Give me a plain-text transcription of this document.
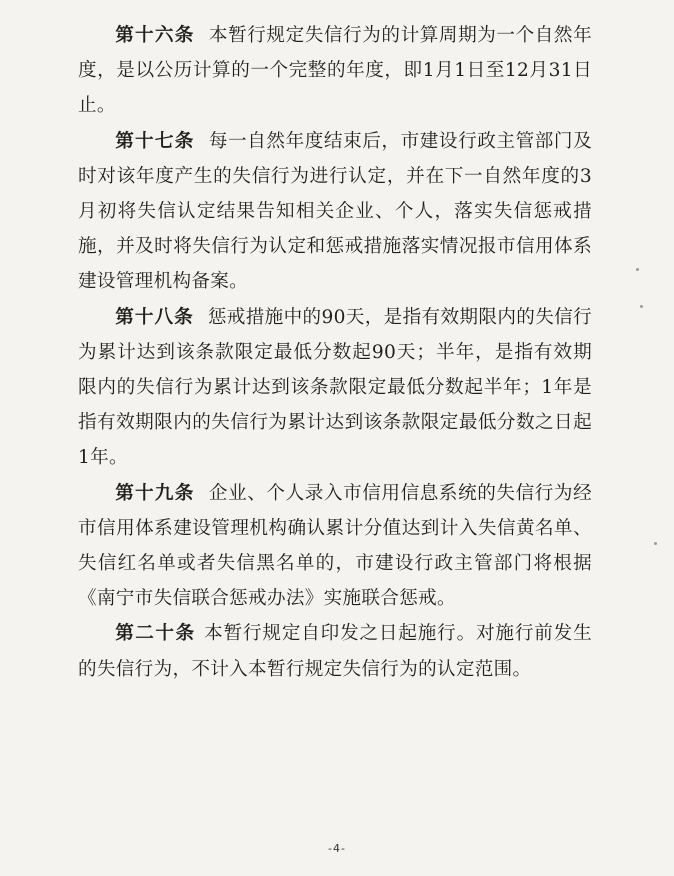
第十六条 本暂行规定失信行为的计算周期为一个自然年度，是以公历计算的一个完整的年度，即1月1日至12月31日止。

第十七条 每一自然年度结束后，市建设行政主管部门及时对该年度产生的失信行为进行认定，并在下一自然年度的3月初将失信认定结果告知相关企业、个人，落实失信惩戒措施，并及时将失信行为认定和惩戒措施落实情况报市信用体系建设管理机构备案。

第十八条 惩戒措施中的90天，是指有效期限内的失信行为累计达到该条款限定最低分数起90天；半年，是指有效期限内的失信行为累计达到该条款限定最低分数起半年；1年是指有效期限内的失信行为累计达到该条款限定最低分数之日起1年。

第十九条 企业、个人录入市信用信息系统的失信行为经市信用体系建设管理机构确认累计分值达到计入失信黄名单、失信红名单或者失信黑名单的，市建设行政主管部门将根据《南宁市失信联合惩戒办法》实施联合惩戒。

第二十条 本暂行规定自印发之日起施行。对施行前发生的失信行为，不计入本暂行规定失信行为的认定范围。

-4-
